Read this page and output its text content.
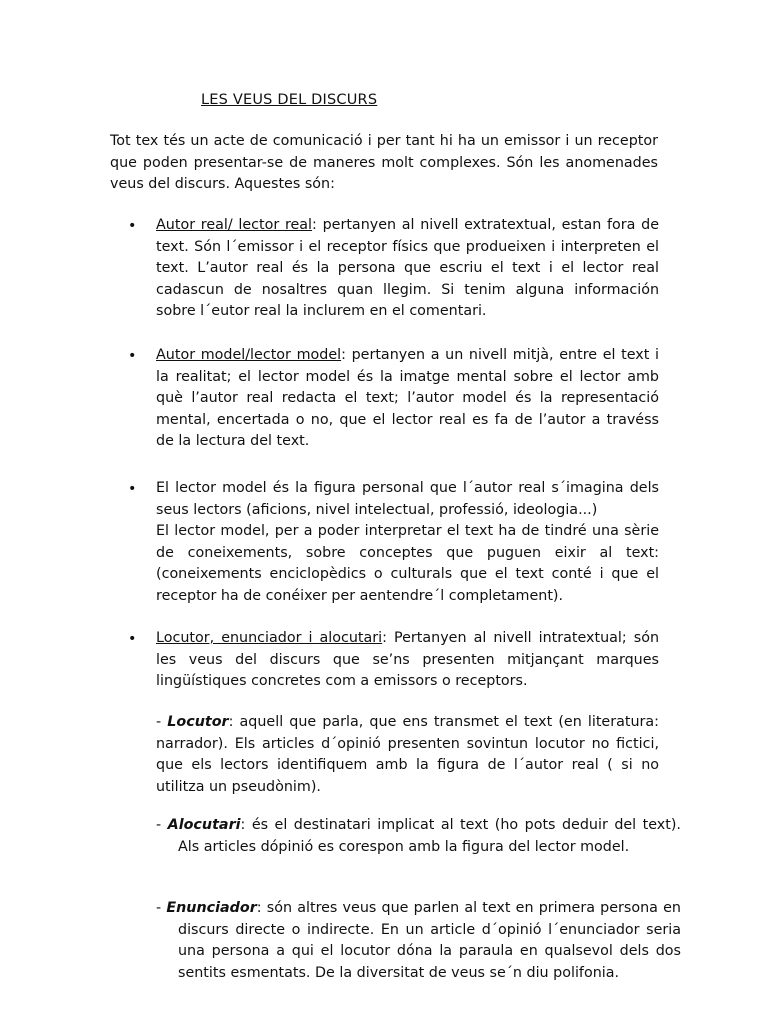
LES VEUS DEL DISCURS

Tot tex tés un acte de comunicació i per tant hi ha un emissor i un receptor que poden presentar-se de maneres molt complexes. Són les anomenades veus del discurs. Aquestes són:

• Autor real/ lector real: pertanyen al nivell extratextual, estan fora de text. Són l´emissor i el receptor físics que produeixen i interpreten el text. L’autor real és la persona que escriu el text i el lector real cadascun de nosaltres quan llegim. Si tenim alguna información sobre l´eutor real la inclurem en el comentari.

• Autor model/lector model: pertanyen a un nivell mitjà, entre el text i la realitat; el lector model és la imatge mental sobre el lector amb què l’autor real redacta el text; l’autor model és la representació mental, encertada o no, que el lector real es fa de l’autor a travéss de la lectura del text.

• El lector model és la figura personal que l´autor real s´imagina dels seus lectors (aficions, nivel intelectual, professió, ideologia...)

El lector model, per a poder interpretar el text ha de tindré una sèrie de coneixements, sobre conceptes que puguen eixir al text: (coneixements enciclopèdics o culturals que el text conté i que el receptor ha de conéixer per aentendre´l completament).

• Locutor, enunciador i alocutari: Pertanyen al nivell intratextual; són les veus del discurs que se’ns presenten mitjançant marques lingüístiques concretes com a emissors o receptors.

- Locutor: aquell que parla, que ens transmet el text (en literatura: narrador). Els articles d´opinió presenten sovintun locutor no fictici, que els lectors identifiquem amb la figura de l´autor real ( si no utilitza un pseudònim).

- Alocutari: és el destinatari implicat al text (ho pots deduir del text). Als articles dópinió es corespon amb la figura del lector model.

- Enunciador: són altres veus que parlen al text en primera persona en discurs directe o indirecte. En un article d´opinió l´enunciador seria una persona a qui el locutor dóna la paraula en qualsevol dels dos sentits esmentats. De la diversitat de veus se´n diu polifonia.
